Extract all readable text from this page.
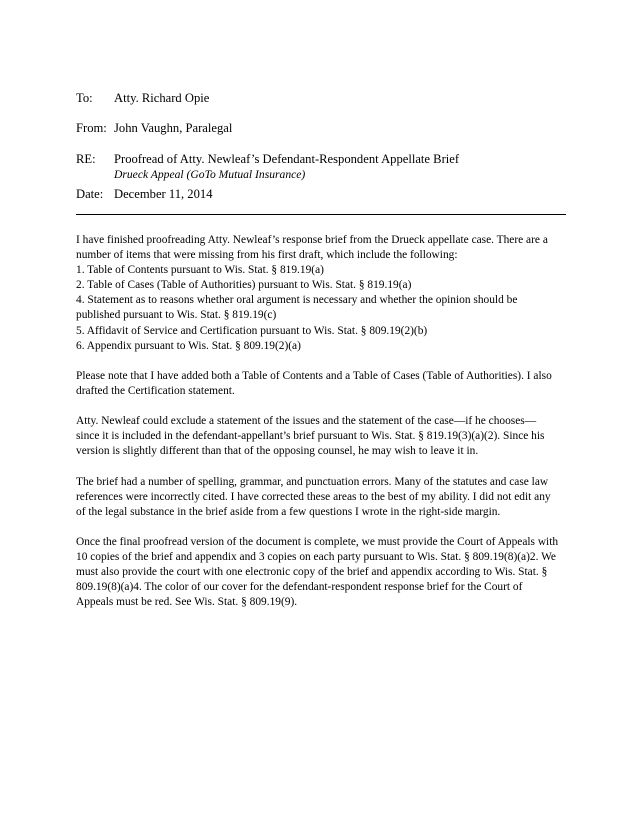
To: Atty. Richard Opie
From: John Vaughn, Paralegal
RE: Proofread of Atty. Newleaf’s Defendant-Respondent Appellate Brief
Drueck Appeal (GoTo Mutual Insurance)
Date: December 11, 2014

I have finished proofreading Atty. Newleaf’s response brief from the Drueck appellate case. There are a
number of items that were missing from his first draft, which include the following:
1. Table of Contents pursuant to Wis. Stat. § 819.19(a)
2. Table of Cases (Table of Authorities) pursuant to Wis. Stat. § 819.19(a)
4. Statement as to reasons whether oral argument is necessary and whether the opinion should be
published pursuant to Wis. Stat. § 819.19(c)
5. Affidavit of Service and Certification pursuant to Wis. Stat. § 809.19(2)(b)
6. Appendix pursuant to Wis. Stat. § 809.19(2)(a)

Please note that I have added both a Table of Contents and a Table of Cases (Table of Authorities). I also
drafted the Certification statement.

Atty. Newleaf could exclude a statement of the issues and the statement of the case—if he chooses—
since it is included in the defendant-appellant’s brief pursuant to Wis. Stat. § 819.19(3)(a)(2). Since his
version is slightly different than that of the opposing counsel, he may wish to leave it in.

The brief had a number of spelling, grammar, and punctuation errors. Many of the statutes and case law
references were incorrectly cited. I have corrected these areas to the best of my ability. I did not edit any
of the legal substance in the brief aside from a few questions I wrote in the right-side margin.

Once the final proofread version of the document is complete, we must provide the Court of Appeals with
10 copies of the brief and appendix and 3 copies on each party pursuant to Wis. Stat. § 809.19(8)(a)2. We
must also provide the court with one electronic copy of the brief and appendix according to Wis. Stat. §
809.19(8)(a)4. The color of our cover for the defendant-respondent response brief for the Court of
Appeals must be red. See Wis. Stat. § 809.19(9).
